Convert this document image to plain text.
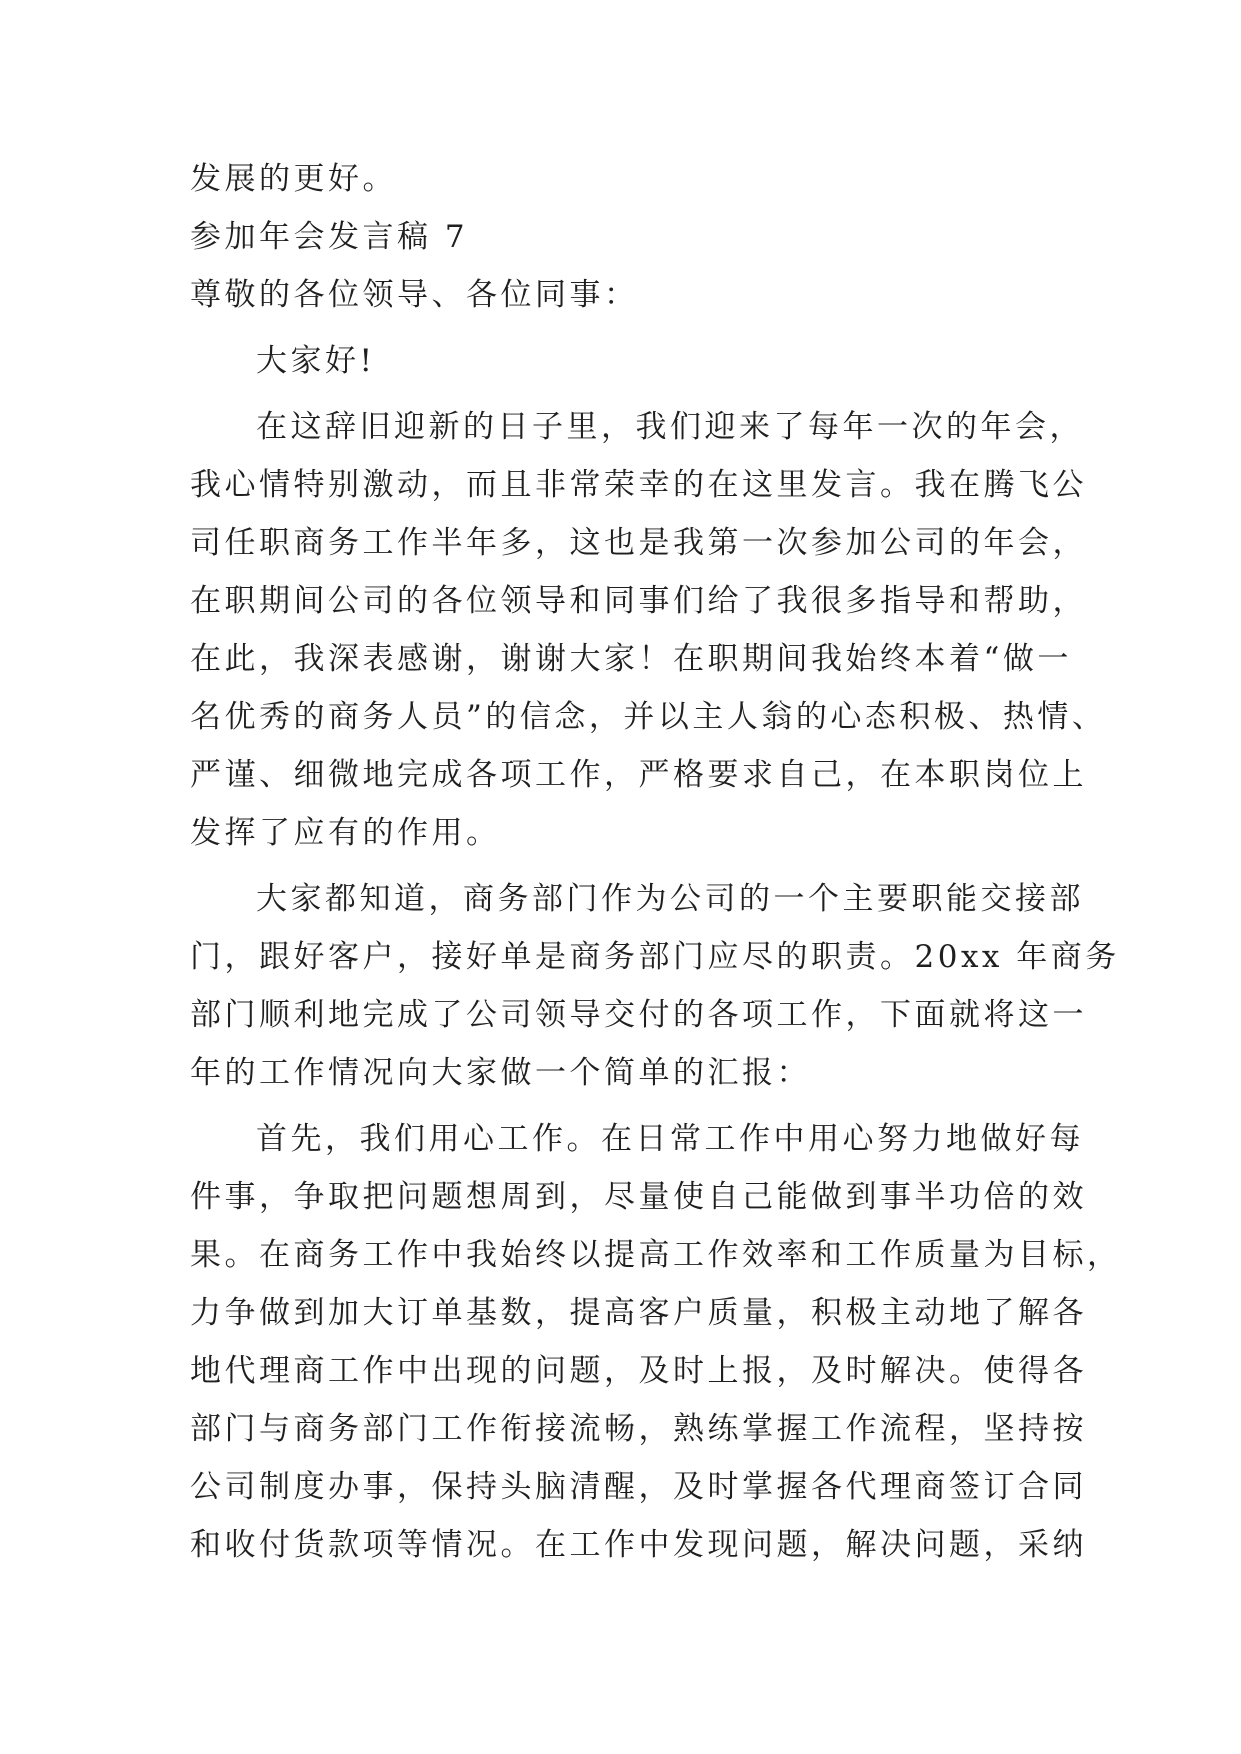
发展的更好。
参加年会发言稿 7
尊敬的各位领导、各位同事：
大家好!
在这辞旧迎新的日子里，我们迎来了每年一次的年会，
我心情特别激动，而且非常荣幸的在这里发言。我在腾飞公
司任职商务工作半年多，这也是我第一次参加公司的年会，
在职期间公司的各位领导和同事们给了我很多指导和帮助，
在此，我深表感谢，谢谢大家！在职期间我始终本着“做一
名优秀的商务人员”的信念，并以主人翁的心态积极、热情、
严谨、细微地完成各项工作，严格要求自己，在本职岗位上
发挥了应有的作用。
大家都知道，商务部门作为公司的一个主要职能交接部
门，跟好客户，接好单是商务部门应尽的职责。20xx 年商务
部门顺利地完成了公司领导交付的各项工作，下面就将这一
年的工作情况向大家做一个简单的汇报：
首先，我们用心工作。在日常工作中用心努力地做好每
件事，争取把问题想周到，尽量使自己能做到事半功倍的效
果。在商务工作中我始终以提高工作效率和工作质量为目标，
力争做到加大订单基数，提高客户质量，积极主动地了解各
地代理商工作中出现的问题，及时上报，及时解决。使得各
部门与商务部门工作衔接流畅，熟练掌握工作流程，坚持按
公司制度办事，保持头脑清醒，及时掌握各代理商签订合同
和收付货款项等情况。在工作中发现问题，解决问题，采纳
